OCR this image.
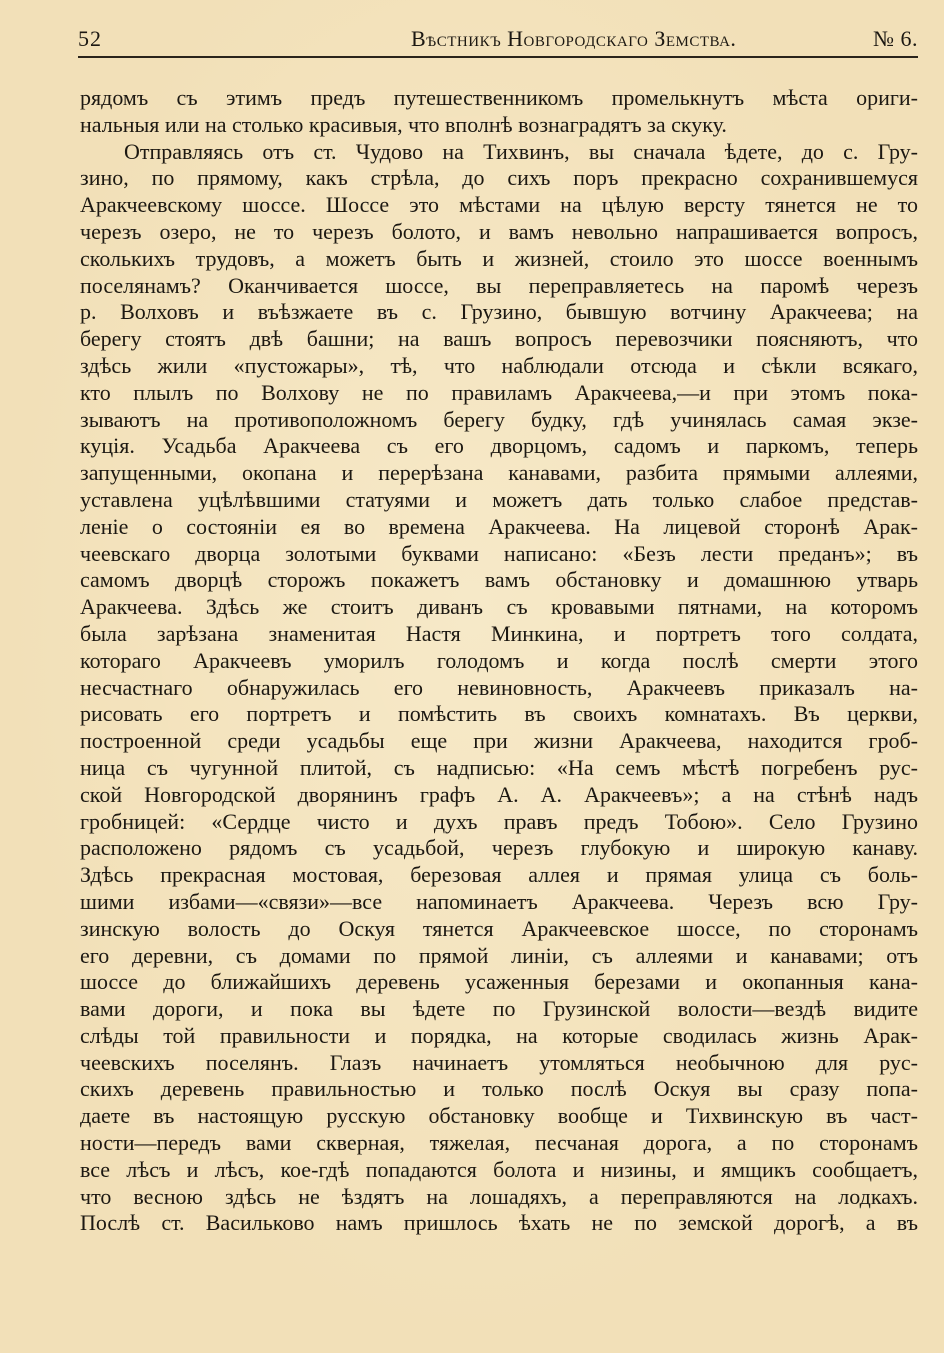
52	Вѣстникъ Новгородскаго Земства.	№ 6.
рядомъ съ этимъ предъ путешественникомъ промелькнутъ мѣста ориги-
нальныя или на столько красивыя, что вполнѣ вознаградятъ за скуку.
Отправляясь отъ ст. Чудово на Тихвинъ, вы сначала ѣдете, до с. Гру-
зино, по прямому, какъ стрѣла, до сихъ поръ прекрасно сохранившемуся
Аракчеевскому шоссе. Шоссе это мѣстами на цѣлую версту тянется не то
черезъ озеро, не то черезъ болото, и вамъ невольно напрашивается вопросъ,
сколькихъ трудовъ, а можетъ быть и жизней, стоило это шоссе военнымъ
поселянамъ? Оканчивается шоссе, вы переправляетесь на паромѣ черезъ
р. Волховъ и въѣзжаете въ с. Грузино, бывшую вотчину Аракчеева; на
берегу стоятъ двѣ башни; на вашъ вопросъ перевозчики поясняютъ, что
здѣсь жили «пустожары», тѣ, что наблюдали отсюда и сѣкли всякаго,
кто плылъ по Волхову не по правиламъ Аракчеева,—и при этомъ пока-
зываютъ на противоположномъ берегу будку, гдѣ учинялась самая экзе-
куція. Усадьба Аракчеева съ его дворцомъ, садомъ и паркомъ, теперь
запущенными, окопана и перерѣзана канавами, разбита прямыми аллеями,
уставлена уцѣлѣвшими статуями и можетъ дать только слабое представ-
леніе о состояніи ея во времена Аракчеева. На лицевой сторонѣ Арак-
чеевскаго дворца золотыми буквами написано: «Безъ лести преданъ»; въ
самомъ дворцѣ сторожъ покажетъ вамъ обстановку и домашнюю утварь
Аракчеева. Здѣсь же стоитъ диванъ съ кровавыми пятнами, на которомъ
была зарѣзана знаменитая Настя Минкина, и портретъ того солдата,
котораго Аракчеевъ уморилъ голодомъ и когда послѣ смерти этого
несчастнаго обнаружилась его невиновность, Аракчеевъ приказалъ на-
рисовать его портретъ и помѣстить въ своихъ комнатахъ. Въ церкви,
построенной среди усадьбы еще при жизни Аракчеева, находится гроб-
ница съ чугунной плитой, съ надписью: «На семъ мѣстѣ погребенъ рус-
ской Новгородской дворянинъ графъ А. А. Аракчеевъ»; а на стѣнѣ надъ
гробницей: «Сердце чисто и духъ правъ предъ Тобою». Село Грузино
расположено рядомъ съ усадьбой, черезъ глубокую и широкую канаву.
Здѣсь прекрасная мостовая, березовая аллея и прямая улица съ боль-
шими избами—«связи»—все напоминаетъ Аракчеева. Черезъ всю Гру-
зинскую волость до Оскуя тянется Аракчеевское шоссе, по сторонамъ
его деревни, съ домами по прямой линіи, съ аллеями и канавами; отъ
шоссе до ближайшихъ деревень усаженныя березами и окопанныя кана-
вами дороги, и пока вы ѣдете по Грузинской волости—вездѣ видите
слѣды той правильности и порядка, на которые сводилась жизнь Арак-
чеевскихъ поселянъ. Глазъ начинаетъ утомляться необычною для рус-
скихъ деревень правильностью и только послѣ Оскуя вы сразу попа-
даете въ настоящую русскую обстановку вообще и Тихвинскую въ част-
ности—передъ вами скверная, тяжелая, песчаная дорога, а по сторонамъ
все лѣсъ и лѣсъ, кое-гдѣ попадаются болота и низины, и ямщикъ сообщаетъ,
что весною здѣсь не ѣздятъ на лошадяхъ, а переправляются на лодкахъ.
Послѣ ст. Васильково намъ пришлось ѣхать не по земской дорогѣ, а въ
